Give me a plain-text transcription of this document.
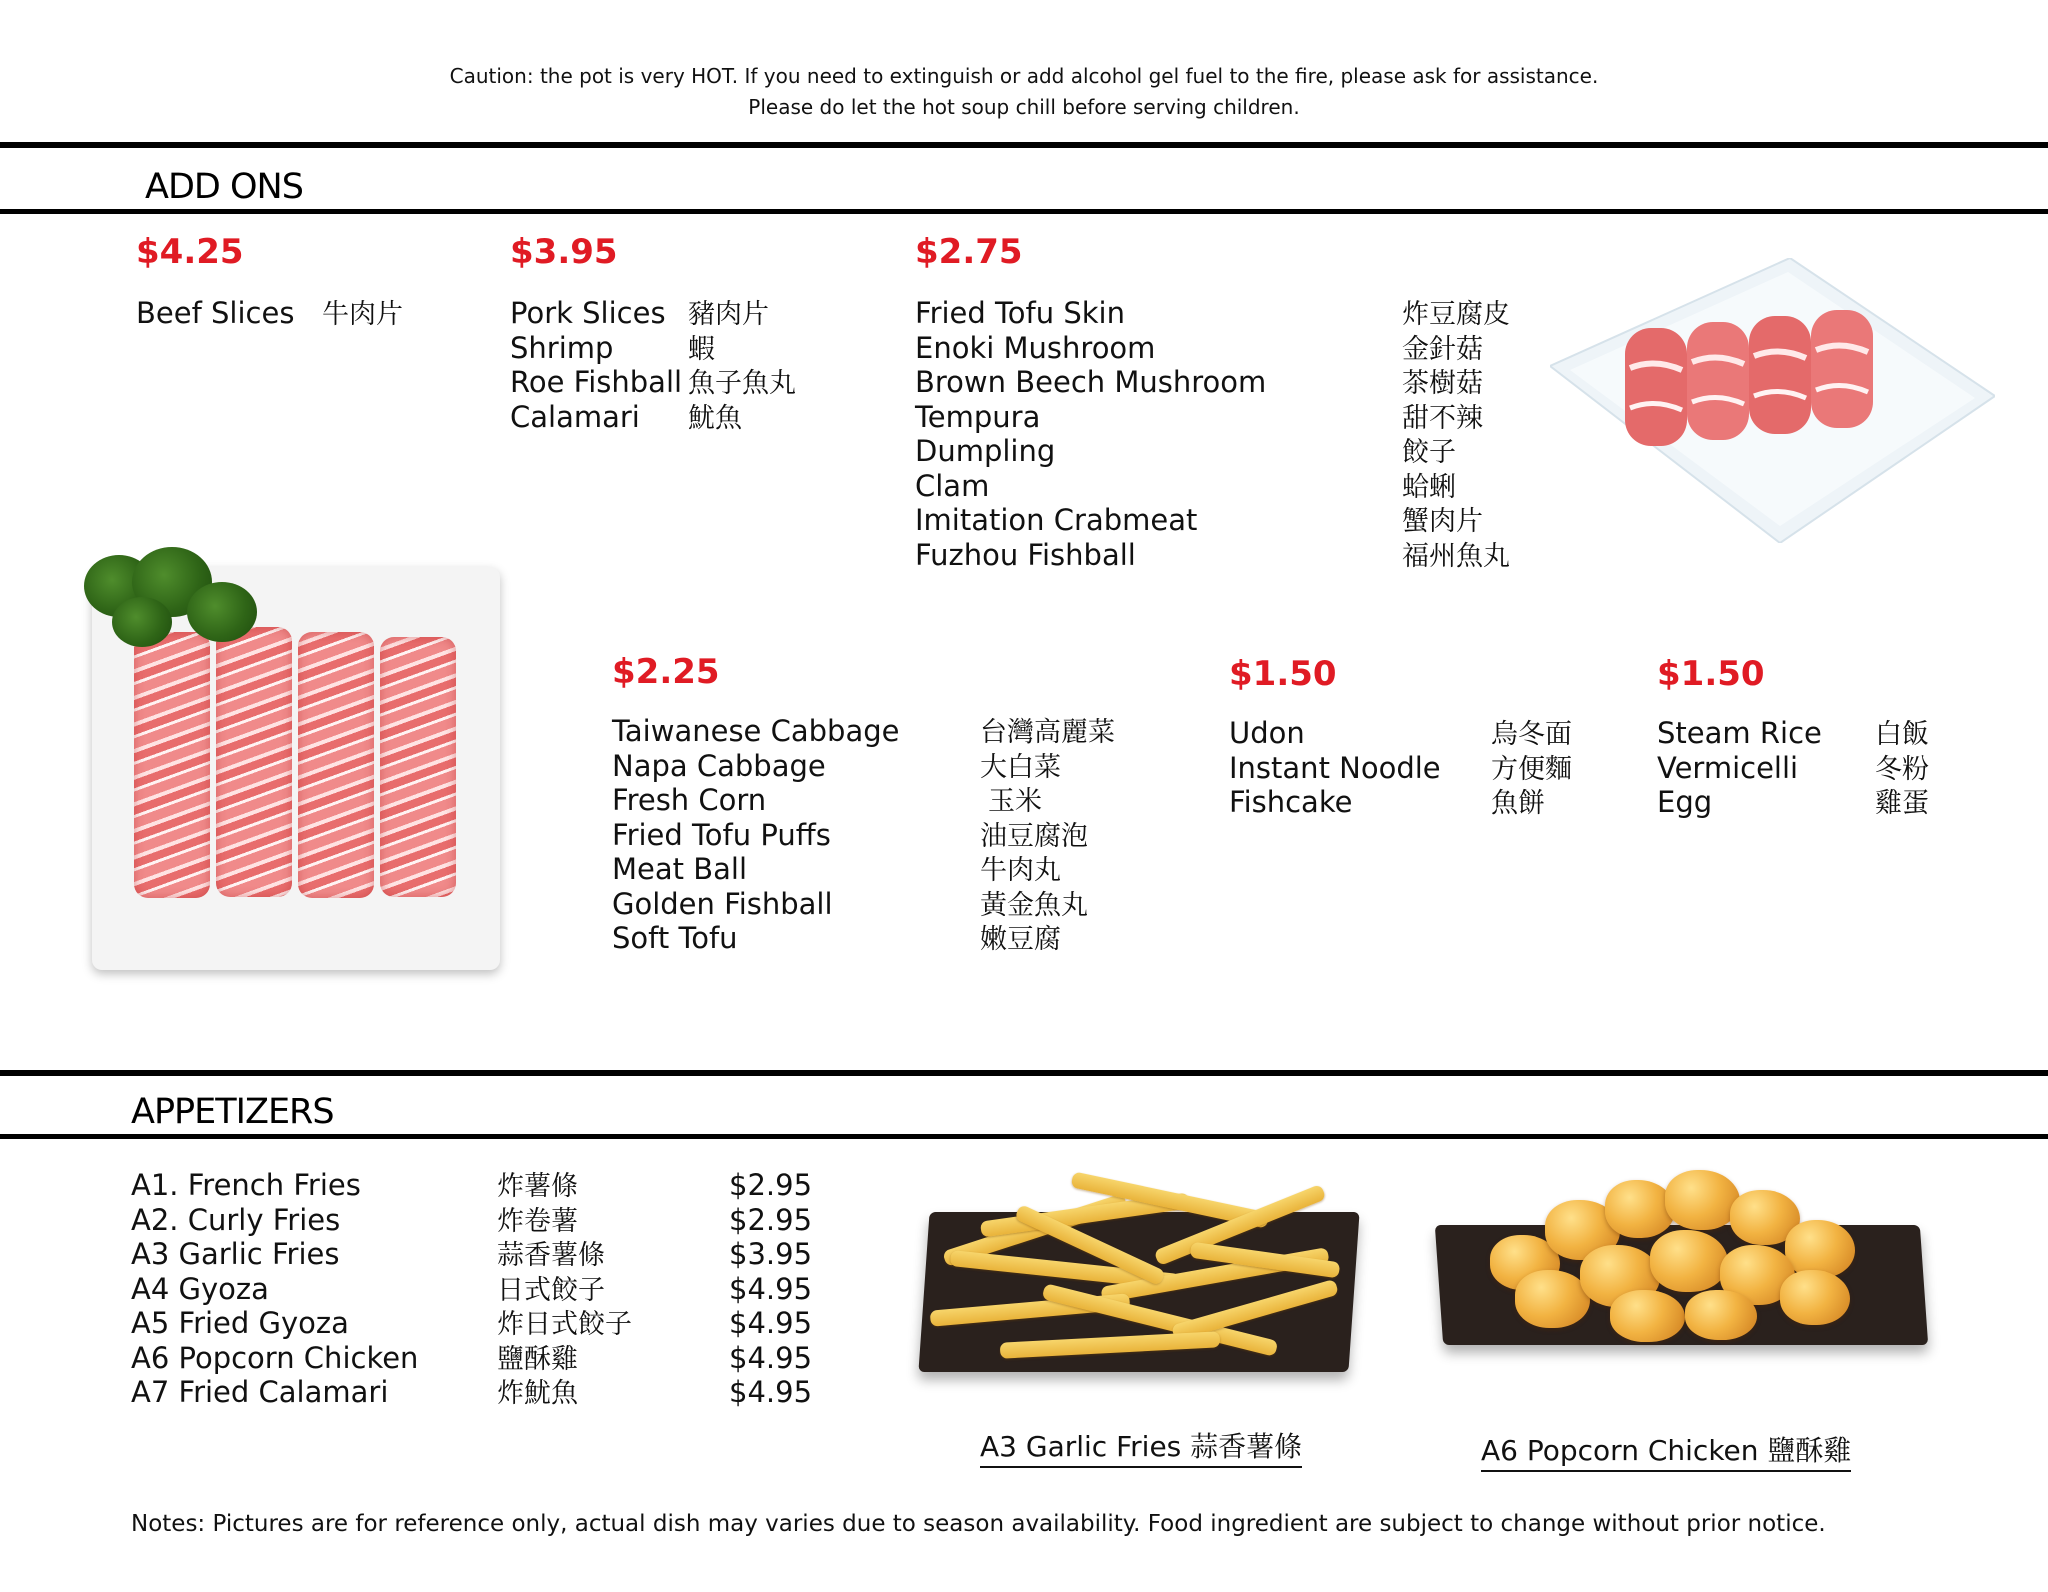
Caution: the pot is very HOT. If you need to extinguish or add alcohol gel fuel to the fire, please ask for assistance.
Please do let the hot soup chill before serving children.
ADD ONS
$4.25
Beef Slices 牛肉片
$3.95
Pork Slices
Shrimp
Roe Fishball
Calamari
豬肉片
蝦
魚子魚丸
魷魚
$2.75
Fried Tofu Skin
Enoki Mushroom
Brown Beech Mushroom
Tempura
Dumpling
Clam
Imitation Crabmeat
Fuzhou Fishball
炸豆腐皮
金針菇
茶樹菇
甜不辣
餃子
蛤蜊
蟹肉片
福州魚丸
$2.25
Taiwanese Cabbage
Napa Cabbage
Fresh Corn
Fried Tofu Puffs
Meat Ball
Golden Fishball
Soft Tofu
台灣高麗菜
大白菜
玉米
油豆腐泡
牛肉丸
黃金魚丸
嫩豆腐
$1.50
Udon
Instant Noodle
Fishcake
烏冬面
方便麵
魚餅
$1.50
Steam Rice
Vermicelli
Egg
白飯
冬粉
雞蛋
APPETIZERS
A1. French Fries
A2. Curly Fries
A3 Garlic Fries
A4 Gyoza
A5 Fried Gyoza
A6 Popcorn Chicken
A7 Fried Calamari
炸薯條
炸卷薯
蒜香薯條
日式餃子
炸日式餃子
鹽酥雞
炸魷魚
$2.95
$2.95
$3.95
$4.95
$4.95
$4.95
$4.95
A3 Garlic Fries 蒜香薯條	A6 Popcorn Chicken 鹽酥雞
Notes: Pictures are for reference only, actual dish may varies due to season availability. Food ingredient are subject to change without prior notice.
